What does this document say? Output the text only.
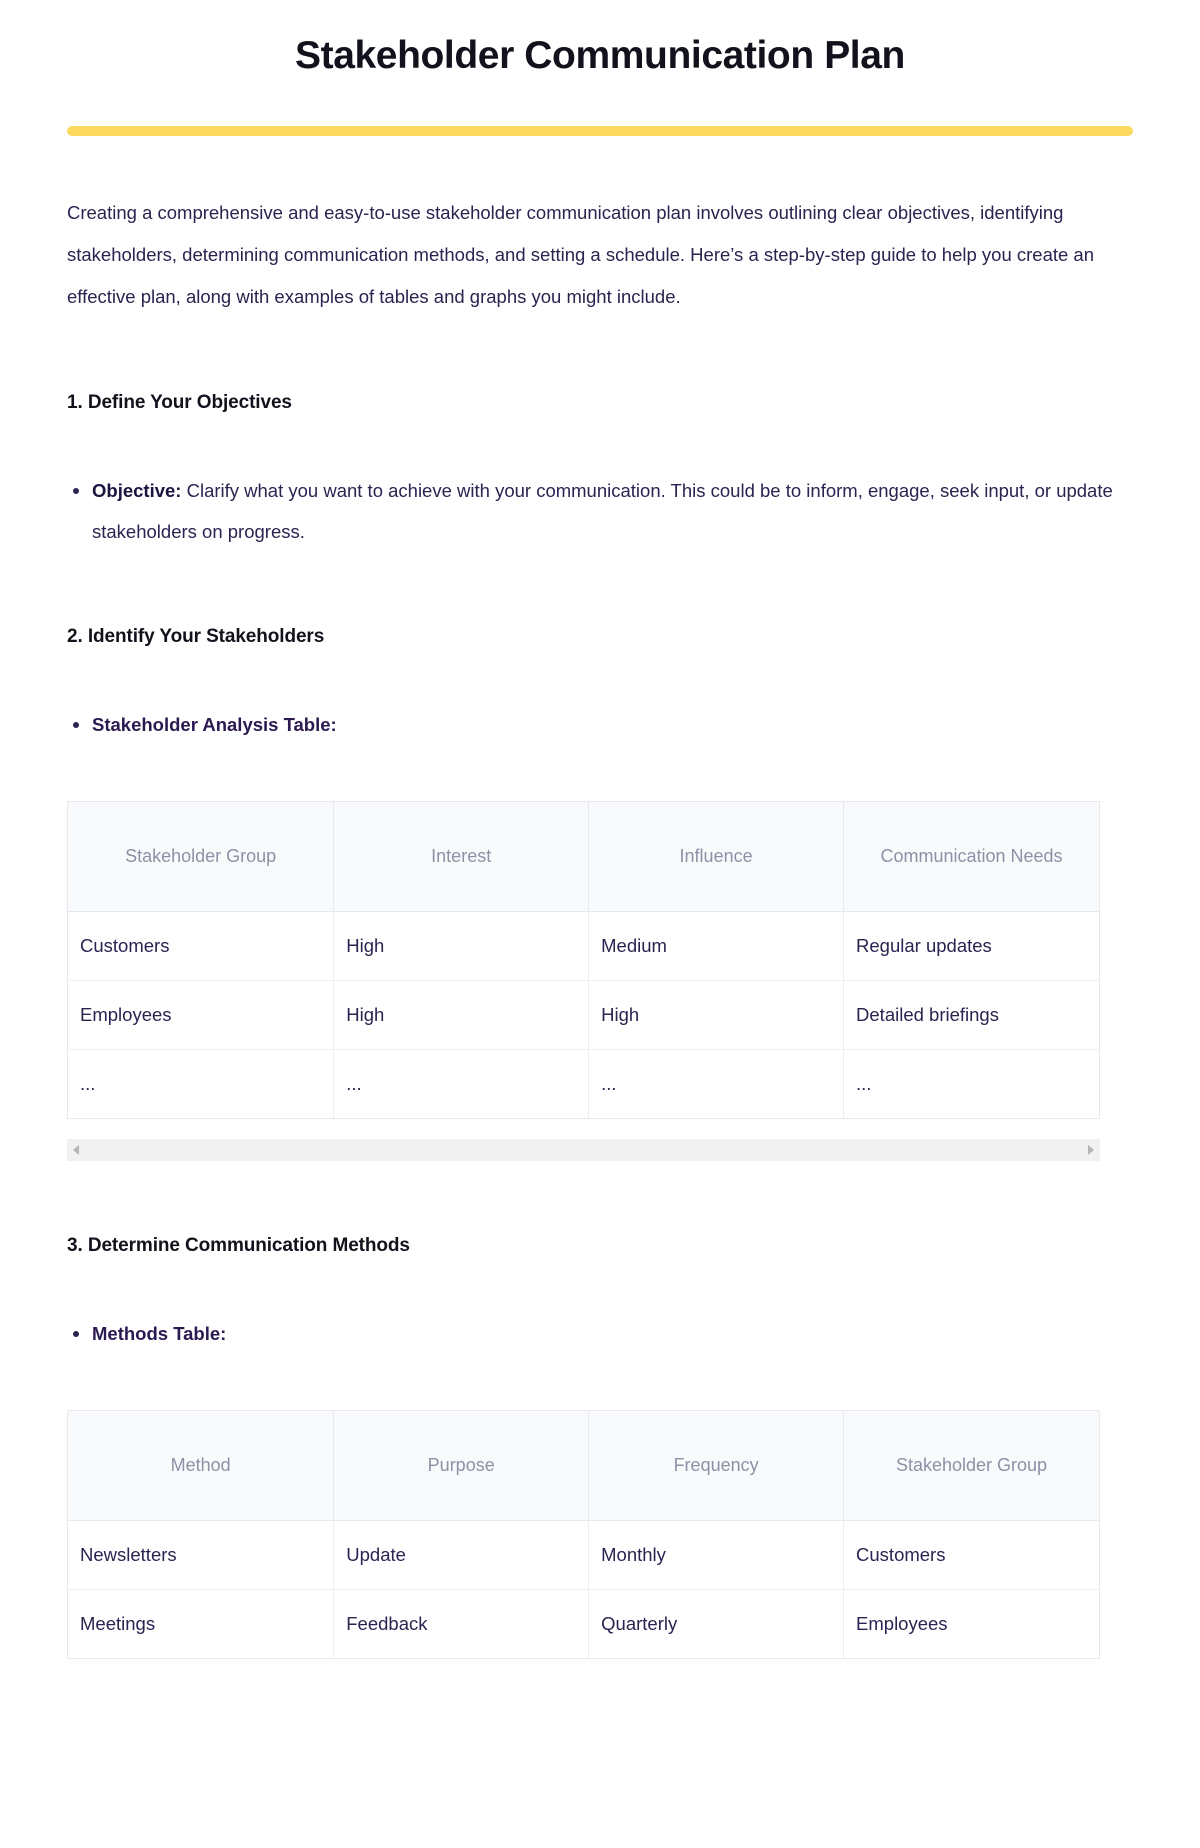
Stakeholder Communication Plan

Creating a comprehensive and easy-to-use stakeholder communication plan involves outlining clear objectives, identifying stakeholders, determining communication methods, and setting a schedule. Here’s a step-by-step guide to help you create an effective plan, along with examples of tables and graphs you might include.

1. Define Your Objectives
Objective: Clarify what you want to achieve with your communication. This could be to inform, engage, seek input, or update stakeholders on progress.
2. Identify Your Stakeholders
Stakeholder Analysis Table:
Stakeholder Group	Interest	Influence	Communication Needs
Customers	High	Medium	Regular updates
Employees	High	High	Detailed briefings
...	...	...	...
3. Determine Communication Methods
Methods Table:
Method	Purpose	Frequency	Stakeholder Group
Newsletters	Update	Monthly	Customers
Meetings	Feedback	Quarterly	Employees
